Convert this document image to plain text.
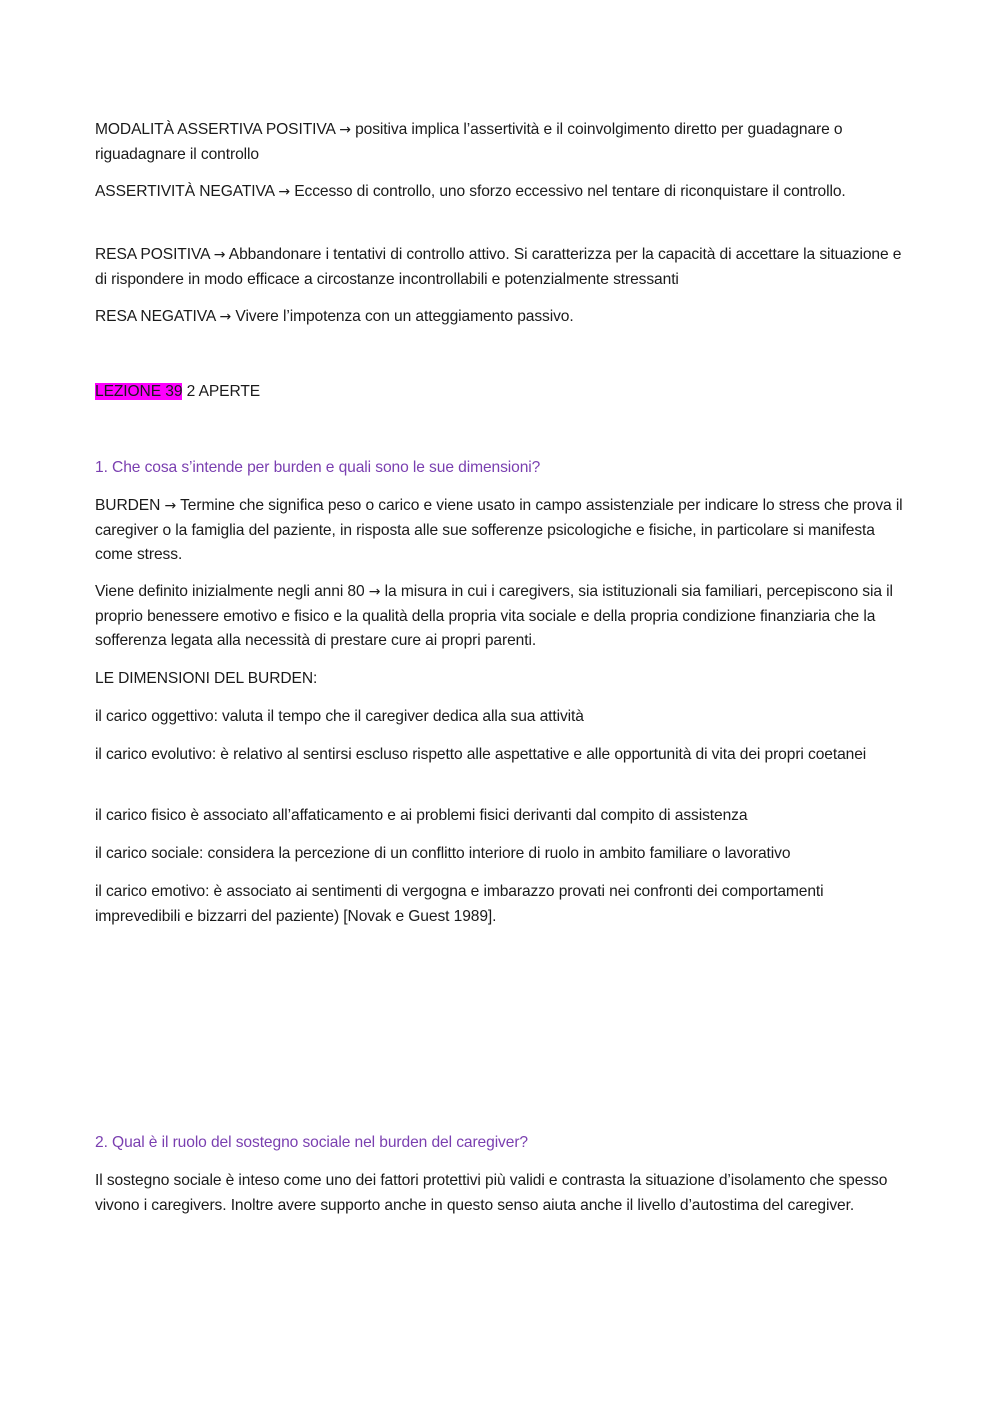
MODALITÀ ASSERTIVA POSITIVA → positiva implica l’assertività e il coinvolgimento diretto per guadagnare o riguadagnare il controllo

ASSERTIVITÀ NEGATIVA → Eccesso di controllo, uno sforzo eccessivo nel tentare di riconquistare il controllo.

RESA POSITIVA → Abbandonare i tentativi di controllo attivo. Si caratterizza per la capacità di accettare la situazione e di rispondere in modo efficace a circostanze incontrollabili e potenzialmente stressanti

RESA NEGATIVA → Vivere l’impotenza con un atteggiamento passivo.

LEZIONE 39 2 APERTE

1. Che cosa s’intende per burden e quali sono le sue dimensioni?

BURDEN → Termine che significa peso o carico e viene usato in campo assistenziale per indicare lo stress che prova il caregiver o la famiglia del paziente, in risposta alle sue sofferenze psicologiche e fisiche, in particolare si manifesta come stress.

Viene definito inizialmente negli anni 80 → la misura in cui i caregivers, sia istituzionali sia familiari, percepiscono sia il proprio benessere emotivo e fisico e la qualità della propria vita sociale e della propria condizione finanziaria che la sofferenza legata alla necessità di prestare cure ai propri parenti.

LE DIMENSIONI DEL BURDEN:

il carico oggettivo: valuta il tempo che il caregiver dedica alla sua attività

il carico evolutivo: è relativo al sentirsi escluso rispetto alle aspettative e alle opportunità di vita dei propri coetanei

il carico fisico è associato all’affaticamento e ai problemi fisici derivanti dal compito di assistenza

il carico sociale: considera la percezione di un conflitto interiore di ruolo in ambito familiare o lavorativo

il carico emotivo: è associato ai sentimenti di vergogna e imbarazzo provati nei confronti dei comportamenti imprevedibili e bizzarri del paziente) [Novak e Guest 1989].

2. Qual è il ruolo del sostegno sociale nel burden del caregiver?

Il sostegno sociale è inteso come uno dei fattori protettivi più validi e contrasta la situazione d’isolamento che spesso vivono i caregivers. Inoltre avere supporto anche in questo senso aiuta anche il livello d’autostima del caregiver.
